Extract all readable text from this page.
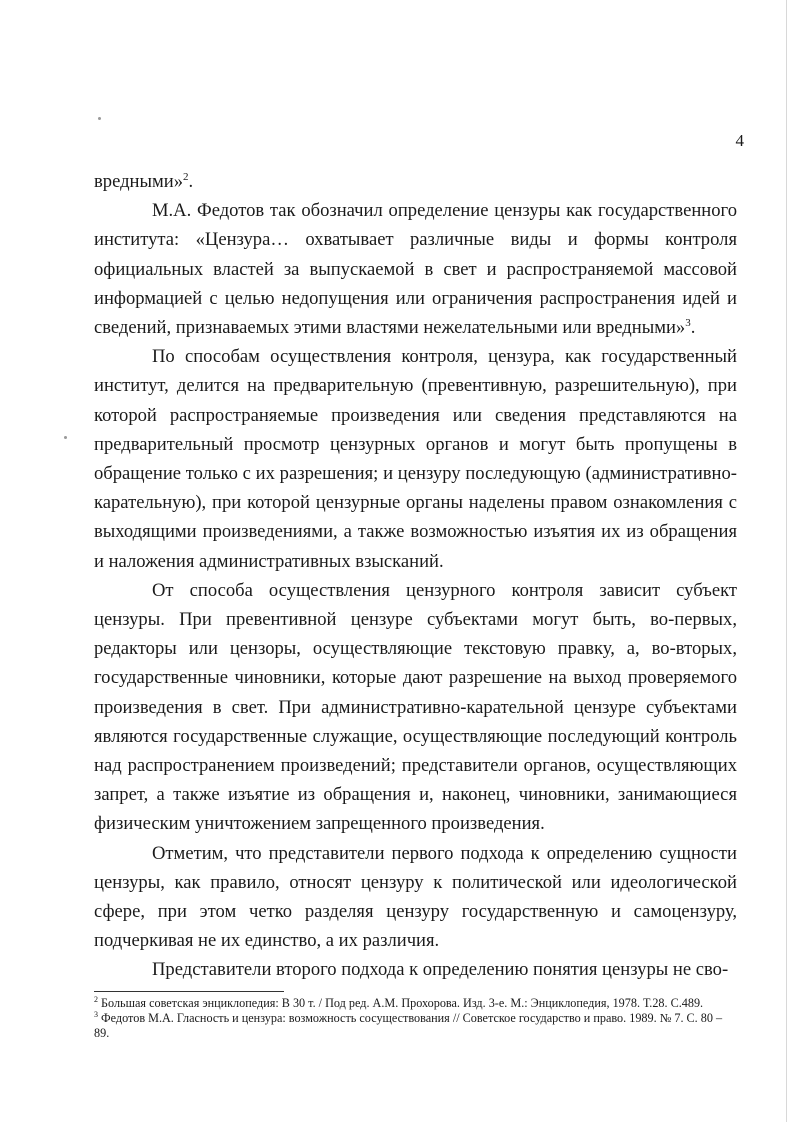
4

вредными»$^2$.

М.А. Федотов так обозначил определение цензуры как государственного института: «Цензура… охватывает различные виды и формы контроля официальных властей за выпускаемой в свет и распространяемой массовой информацией с целью недопущения или ограничения распространения идей и сведений, признаваемых этими властями нежелательными или вредными»$^3$.

По способам осуществления контроля, цензура, как государственный институт, делится на предварительную (превентивную, разрешительную), при которой распространяемые произведения или сведения представляются на предварительный просмотр цензурных органов и могут быть пропущены в обращение только с их разрешения; и цензуру последующую (административно-карательную), при которой цензурные органы наделены правом ознакомления с выходящими произведениями, а также возможностью изъятия их из обращения и наложения административных взысканий.

От способа осуществления цензурного контроля зависит субъект цензуры. При превентивной цензуре субъектами могут быть, во-первых, редакторы или цензоры, осуществляющие текстовую правку, а, во-вторых, государственные чиновники, которые дают разрешение на выход проверяемого произведения в свет. При административно-карательной цензуре субъектами являются государственные служащие, осуществляющие последующий контроль над распространением произведений; представители органов, осуществляющих запрет, а также изъятие из обращения и, наконец, чиновники, занимающиеся физическим уничтожением запрещенного произведения.

Отметим, что представители первого подхода к определению сущности цензуры, как правило, относят цензуру к политической или идеологической сфере, при этом четко разделяя цензуру государственную и самоцензуру, подчеркивая не их единство, а их различия.

Представители второго подхода к определению понятия цензуры не сво-

$^2$ Большая советская энциклопедия: В 30 т. / Под ред. А.М. Прохорова. Изд. 3-е. М.: Энциклопедия, 1978. Т.28. С.489.

$^3$ Федотов М.А. Гласность и цензура: возможность сосуществования // Советское государство и право. 1989. № 7. С. 80 – 89.
